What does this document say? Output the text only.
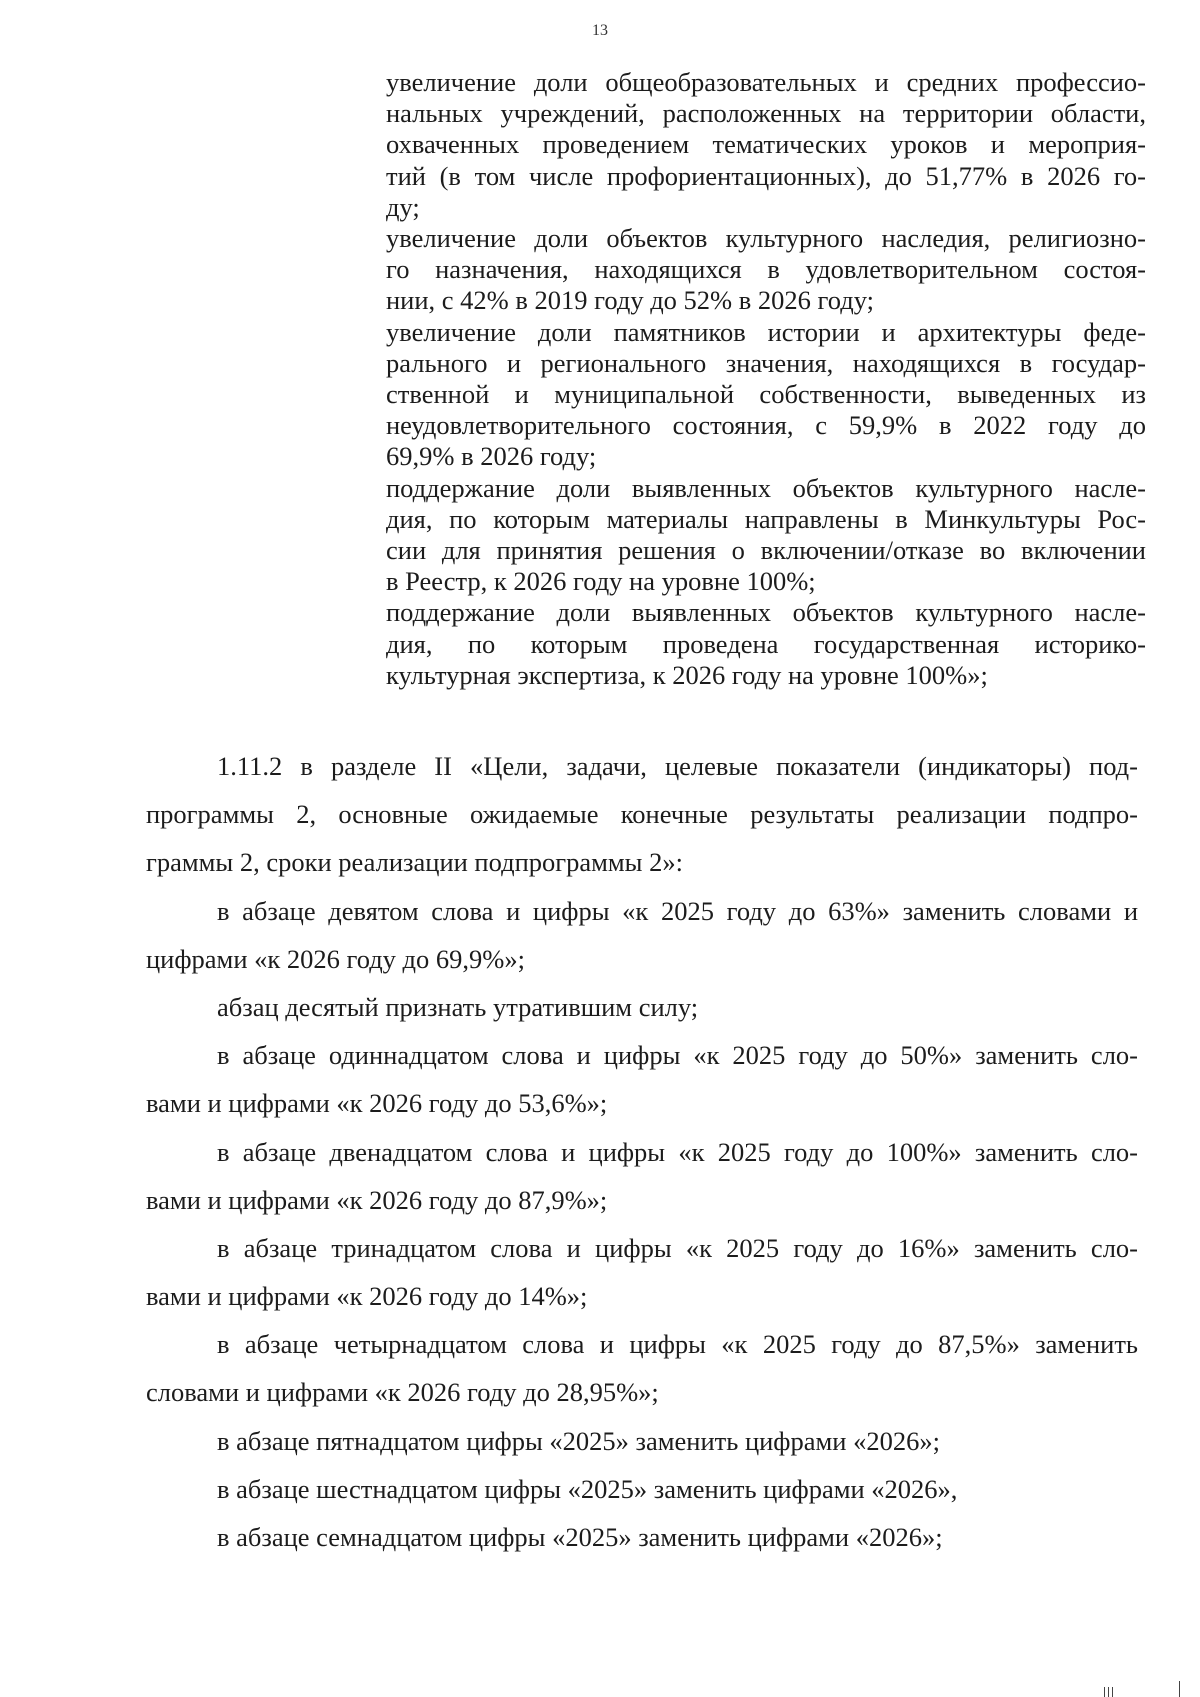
13
увеличение доли общеобразовательных и средних профессио-
нальных учреждений, расположенных на территории области,
охваченных проведением тематических уроков и мероприя-
тий (в том числе профориентационных), до 51,77% в 2026 го-
ду;
увеличение доли объектов культурного наследия, религиозно-
го назначения, находящихся в удовлетворительном состоя-
нии, с 42% в 2019 году до 52% в 2026 году;
увеличение доли памятников истории и архитектуры феде-
рального и регионального значения, находящихся в государ-
ственной и муниципальной собственности, выведенных из
неудовлетворительного состояния, с 59,9% в 2022 году до
69,9% в 2026 году;
поддержание доли выявленных объектов культурного насле-
дия, по которым материалы направлены в Минкультуры Рос-
сии для принятия решения о включении/отказе во включении
в Реестр, к 2026 году на уровне 100%;
поддержание доли выявленных объектов культурного насле-
дия, по которым проведена государственная историко-
культурная экспертиза, к 2026 году на уровне 100%»;
1.11.2 в разделе II «Цели, задачи, целевые показатели (индикаторы) под-
программы 2, основные ожидаемые конечные результаты реализации подпро-
граммы 2, сроки реализации подпрограммы 2»:
в абзаце девятом слова и цифры «к 2025 году до 63%» заменить словами и
цифрами «к 2026 году до 69,9%»;
абзац десятый признать утратившим силу;
в абзаце одиннадцатом слова и цифры «к 2025 году до 50%» заменить сло-
вами и цифрами «к 2026 году до 53,6%»;
в абзаце двенадцатом слова и цифры «к 2025 году до 100%» заменить сло-
вами и цифрами «к 2026 году до 87,9%»;
в абзаце тринадцатом слова и цифры «к 2025 году до 16%» заменить сло-
вами и цифрами «к 2026 году до 14%»;
в абзаце четырнадцатом слова и цифры «к 2025 году до 87,5%» заменить
словами и цифрами «к 2026 году до 28,95%»;
в абзаце пятнадцатом цифры «2025» заменить цифрами «2026»;
в абзаце шестнадцатом цифры «2025» заменить цифрами «2026»,
в абзаце семнадцатом цифры «2025» заменить цифрами «2026»;
